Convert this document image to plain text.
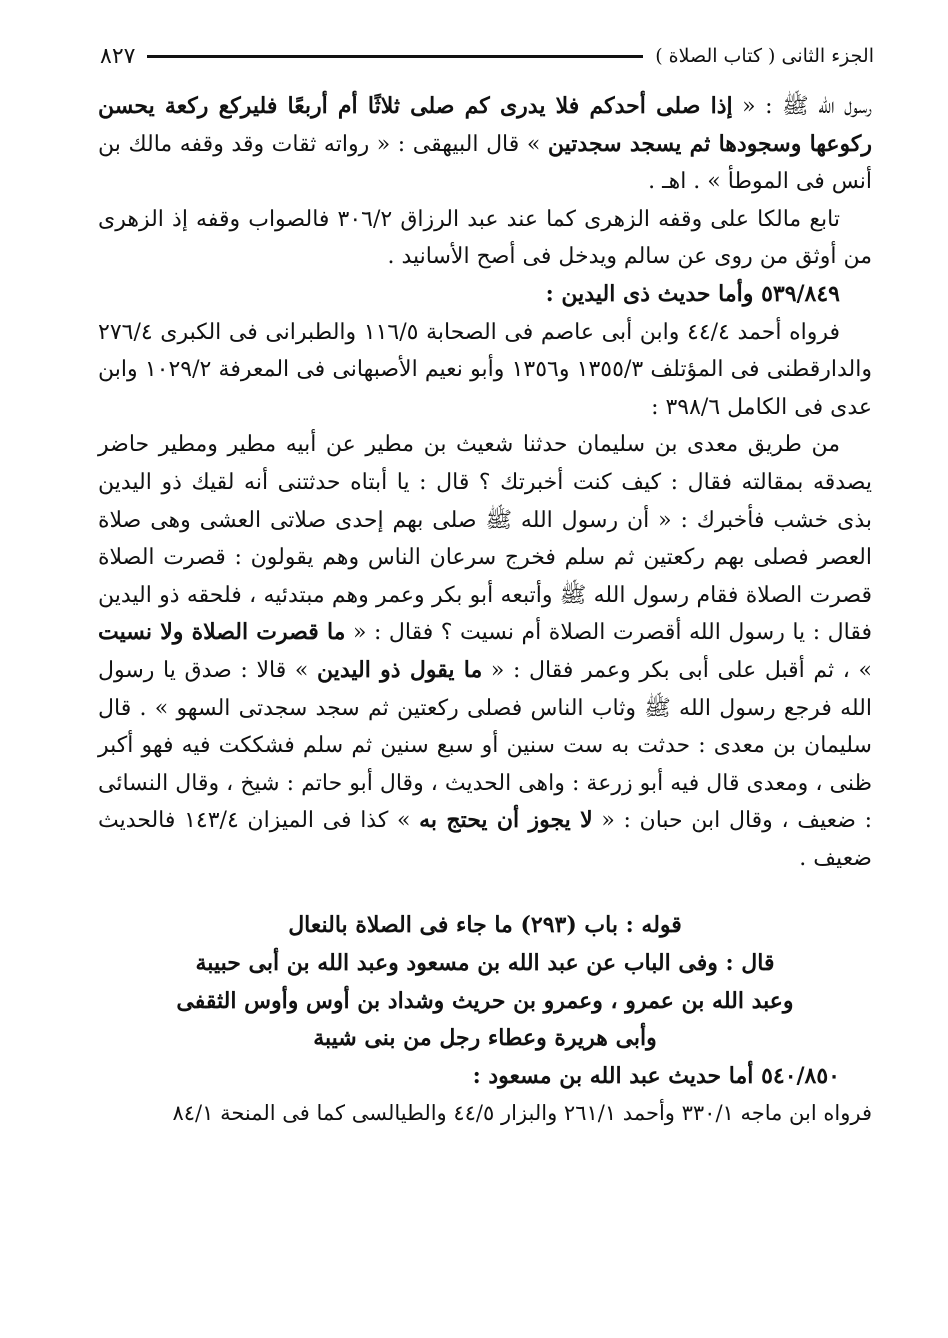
الجزء الثانى ( كتاب الصلاة )
٨٢٧

رسول الله ﷺ : « إذا صلى أحدكم فلا يدرى كم صلى ثلاثًا أم أربعًا فليركع ركعة يحسن ركوعها وسجودها ثم يسجد سجدتين » قال البيهقى : « رواته ثقات وقد وقفه مالك بن أنس فى الموطأ » . اهـ .

تابع مالكا على وقفه الزهرى كما عند عبد الرزاق ٣٠٦/٢ فالصواب وقفه إذ الزهرى من أوثق من روى عن سالم ويدخل فى أصح الأسانيد .

٥٣٩/٨٤٩ وأما حديث ذى اليدين :

فرواه أحمد ٤٤/٤ وابن أبى عاصم فى الصحابة ١١٦/٥ والطبرانى فى الكبرى ٢٧٦/٤ والدارقطنى فى المؤتلف ١٣٥٥/٣ و١٣٥٦ وأبو نعيم الأصبهانى فى المعرفة ١٠٢٩/٢ وابن عدى فى الكامل ٣٩٨/٦ :

من طريق معدى بن سليمان حدثنا شعيث بن مطير عن أبيه مطير ومطير حاضر يصدقه بمقالته فقال : كيف كنت أخبرتك ؟ قال : يا أبتاه حدثتنى أنه لقيك ذو اليدين بذى خشب فأخبرك : « أن رسول الله ﷺ صلى بهم إحدى صلاتى العشى وهى صلاة العصر فصلى بهم ركعتين ثم سلم فخرج سرعان الناس وهم يقولون : قصرت الصلاة قصرت الصلاة فقام رسول الله ﷺ وأتبعه أبو بكر وعمر وهم مبتدئيه ، فلحقه ذو اليدين فقال : يا رسول الله أقصرت الصلاة أم نسيت ؟ فقال : « ما قصرت الصلاة ولا نسيت » ، ثم أقبل على أبى بكر وعمر فقال : « ما يقول ذو اليدين » قالا : صدق يا رسول الله فرجع رسول الله ﷺ وثاب الناس فصلى ركعتين ثم سجد سجدتى السهو » . قال سليمان بن معدى : حدثت به ست سنين أو سبع سنين ثم سلم فشككت فيه فهو أكبر ظنى ، ومعدى قال فيه أبو زرعة : واهى الحديث ، وقال أبو حاتم : شيخ ، وقال النسائى : ضعيف ، وقال ابن حبان : « لا يجوز أن يحتج به » كذا فى الميزان ١٤٣/٤ فالحديث ضعيف .

قوله : باب (٢٩٣) ما جاء فى الصلاة بالنعال

قال : وفى الباب عن عبد الله بن مسعود وعبد الله بن أبى حبيبة

وعبد الله بن عمرو ، وعمرو بن حريث وشداد بن أوس وأوس الثقفى

وأبى هريرة وعطاء رجل من بنى شيبة

٥٤٠/٨٥٠ أما حديث عبد الله بن مسعود :

فرواه ابن ماجه ٣٣٠/١ وأحمد ٢٦١/١ والبزار ٤٤/٥ والطيالسى كما فى المنحة ٨٤/١
